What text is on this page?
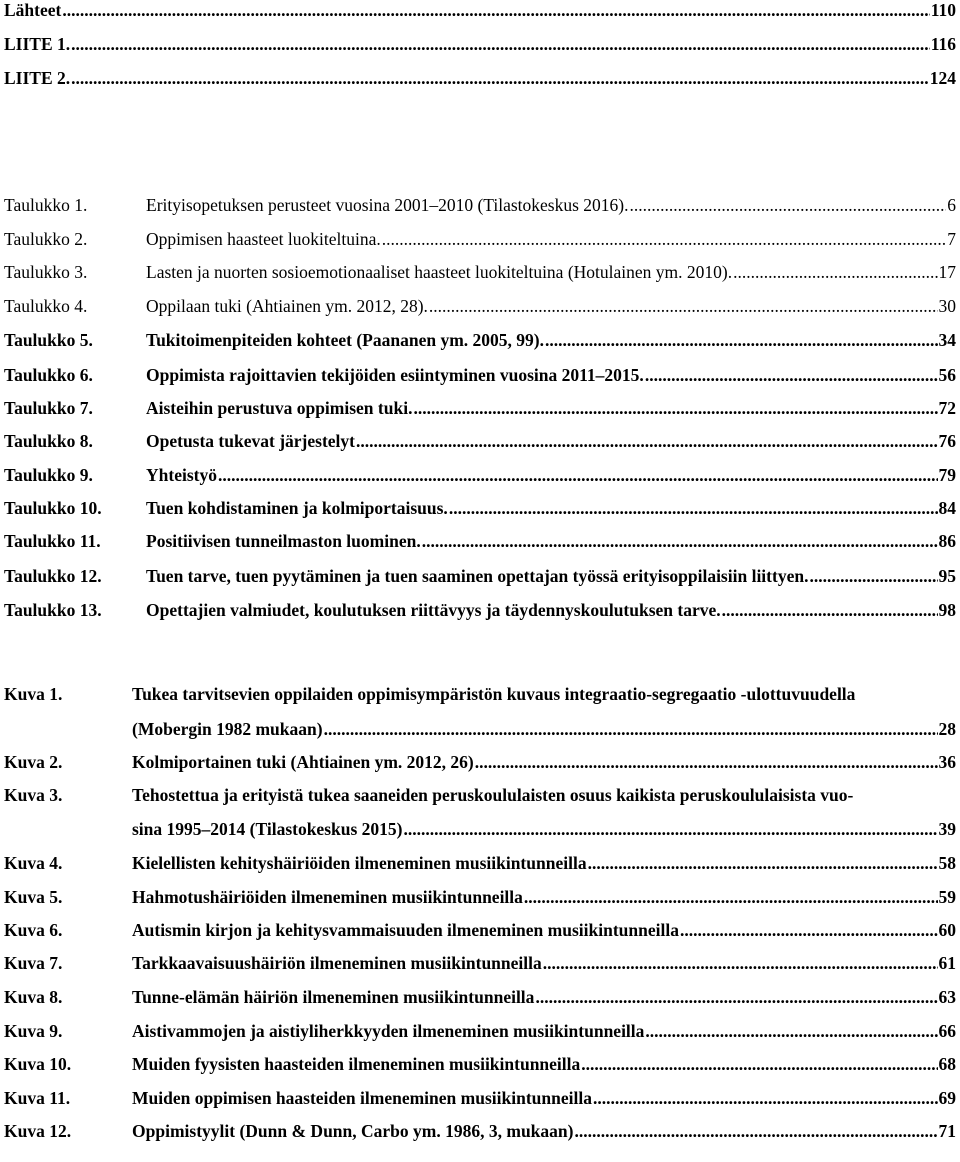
Lähteet .....	110
LIITE 1. .....	116
LIITE 2. .....	124
Taulukko 1.	Erityisopetuksen perusteet vuosina 2001–2010 (Tilastokeskus 2016). .....	6
Taulukko 2.	Oppimisen haasteet luokiteltuina. .....	7
Taulukko 3.	Lasten ja nuorten sosioemotionaaliset haasteet luokiteltuina (Hotulainen ym. 2010). .....	17
Taulukko 4.	Oppilaan tuki (Ahtiainen ym. 2012, 28). .....	30
Taulukko 5.	Tukitoimenpiteiden kohteet (Paananen ym. 2005, 99). .....	34
Taulukko 6.	Oppimista rajoittavien tekijöiden esiintyminen vuosina 2011–2015. .....	56
Taulukko 7.	Aisteihin perustuva oppimisen tuki. .....	72
Taulukko 8.	Opetusta tukevat järjestelyt .....	76
Taulukko 9.	Yhteistyö .....	79
Taulukko 10.	Tuen kohdistaminen ja kolmiportaisuus. .....	84
Taulukko 11.	Positiivisen tunneilmaston luominen. .....	86
Taulukko 12.	Tuen tarve, tuen pyytäminen ja tuen saaminen opettajan työssä erityisoppilaisiin liittyen. .....	95
Taulukko 13.	Opettajien valmiudet, koulutuksen riittävyys ja täydennyskoulutuksen tarve. .....	98
Kuva 1.	Tukea tarvitsevien oppilaiden oppimisympäristön kuvaus integraatio-segregaatio -ulottuvuudella
(Mobergin 1982 mukaan) .....	28
Kuva 2.	Kolmiportainen tuki (Ahtiainen ym. 2012, 26) .....	36
Kuva 3.	Tehostettua ja erityistä tukea saaneiden peruskoululaisten osuus kaikista peruskoululaisista vuo-
sina 1995–2014 (Tilastokeskus 2015) .....	39
Kuva 4.	Kielellisten kehityshäiriöiden ilmeneminen musiikintunneilla .....	58
Kuva 5.	Hahmotushäiriöiden ilmeneminen musiikintunneilla .....	59
Kuva 6.	Autismin kirjon ja kehitysvammaisuuden ilmeneminen musiikintunneilla .....	60
Kuva 7.	Tarkkaavaisuushäiriön ilmeneminen musiikintunneilla .....	61
Kuva 8.	Tunne-elämän häiriön ilmeneminen musiikintunneilla .....	63
Kuva 9.	Aistivammojen ja aistiyliherkkyyden ilmeneminen musiikintunneilla .....	66
Kuva 10.	Muiden fyysisten haasteiden ilmeneminen musiikintunneilla .....	68
Kuva 11.	Muiden oppimisen haasteiden ilmeneminen musiikintunneilla .....	69
Kuva 12.	Oppimistyylit (Dunn & Dunn, Carbo ym. 1986, 3, mukaan) .....	71
